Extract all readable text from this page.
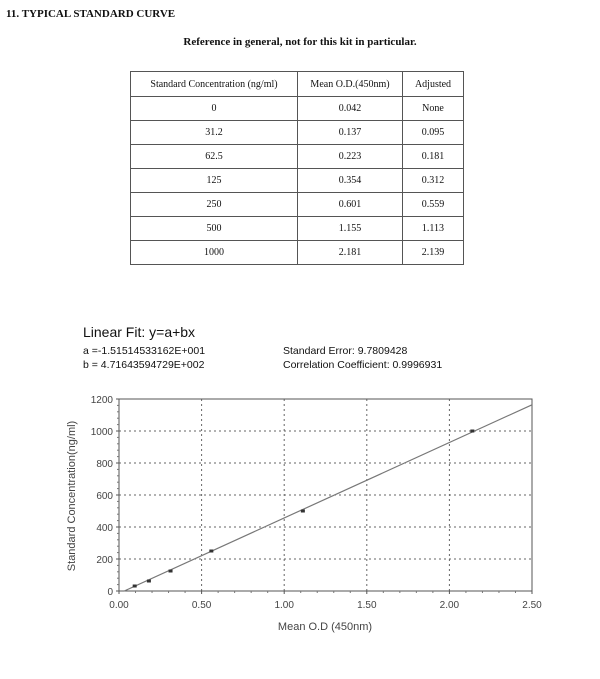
11. TYPICAL STANDARD CURVE
Reference in general, not for this kit in particular.
Standard Concentration (ng/ml)	Mean O.D.(450nm)	Adjusted
0	0.042	None
31.2	0.137	0.095
62.5	0.223	0.181
125	0.354	0.312
250	0.601	0.559
500	1.155	1.113
1000	2.181	2.139
Linear Fit: y=a+bx
a =-1.51514533162E+001
b = 4.71643594729E+002
Standard Error: 9.7809428
Correlation Coefficient: 0.9996931
0
200
400
600
800
1000
1200
0.00	0.50	1.00	1.50	2.00	2.50
Mean O.D (450nm)
Standard Concentration(ng/ml)
